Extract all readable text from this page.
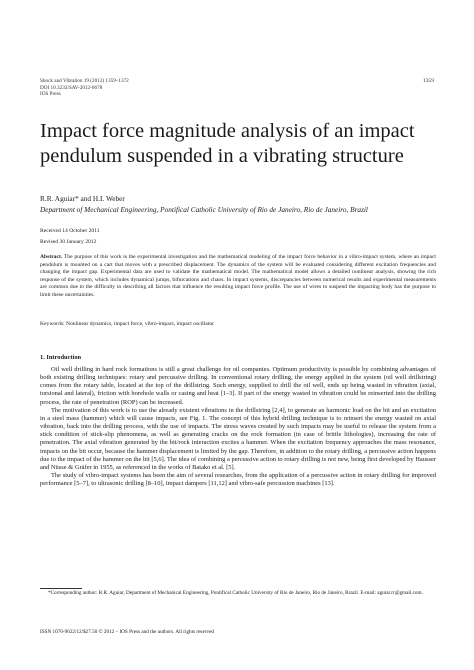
Shock and Vibration 19 (2012) 1359–1372
DOI 10.3233/SAV-2012-0678
IOS Press
1359
Impact force magnitude analysis of an impact
pendulum suspended in a vibrating structure
R.R. Aguiar* and H.I. Weber
Department of Mechanical Engineering, Pontifical Catholic University of Rio de Janeiro, Rio de Janeiro, Brazil
Received 14 October 2011
Revised 30 January 2012
Abstract. The purpose of this work is the experimental investigation and the mathematical modeling of the impact force behavior in a vibro-impact system, where an impact pendulum is mounted on a cart that moves with a prescribed displacement. The dynamics of the system will be evaluated considering different excitation frequencies and changing the impact gap. Experimental data are used to validate the mathematical model. The mathematical model allows a detailed nonlinear analysis, showing the rich response of the system, which includes dynamical jumps, bifurcations and chaos. In impact systems, discrepancies between numerical results and experimental measurements are common due to the difficulty in describing all factors that influence the resulting impact force profile. The use of wires to suspend the impacting body has the purpose to limit these uncertainties.
Keywords: Nonlinear dynamics, impact force, vibro-impact, impact oscillator
1. Introduction

Oil well drilling in hard rock formations is still a great challenge for oil companies. Optimum productivity is possible by combining advantages of both existing drilling techniques: rotary and percussive drilling. In conventional rotary drilling, the energy applied in the system (oil well drillstring) comes from the rotary table, located at the top of the drillstring. Such energy, supplied to drill the oil well, ends up being wasted in vibration (axial, torsional and lateral), friction with borehole walls or casing and heat [1–3]. If part of the energy wasted in vibration could be reinserted into the drilling process, the rate of penetration (ROP) can be increased.

The motivation of this work is to use the already existent vibrations in the drillstring [2,4], to generate an harmonic load on the bit and an excitation in a steel mass (hammer) which will cause impacts, see Fig. 1. The concept of this hybrid drilling technique is to reinsert the energy wasted on axial vibration, back into the drilling process, with the use of impacts. The stress waves created by such impacts may be useful to release the system from a stick condition of stick-slip phenomena, as well as generating cracks on the rock formation (in case of brittle lithologies), increasing the rate of penetration. The axial vibration generated by the bit/rock interaction excites a hammer. When the excitation frequency approaches the mass resonance, impacts on the bit occur, because the hammer displacement is limited by the gap. Therefore, in addition to the rotary drilling, a percussive action happens due to the impact of the hammer on the bit [5,6]. The idea of combining a percussive action to rotary drilling is not new, being first developed by Hausser and Nüsse & Gräfer in 1955, as referenced in the works of Batako et al. [5].

The study of vibro-impact systems has been the aim of several researches, from the application of a percussive action in rotary drilling for improved performance [5–7], to ultrasonic drilling [8–10], impact dampers [11,12] and vibro-safe percussion machines [13].

*Corresponding author: R.R. Aguiar, Department of Mechanical Engineering, Pontifical Catholic University of Rio de Janeiro, Rio de Janeiro, Brazil. E-mail: aguiar.rr@gmail.com.

ISSN 1070-9622/12/$27.50 © 2012 – IOS Press and the authors. All rights reserved
